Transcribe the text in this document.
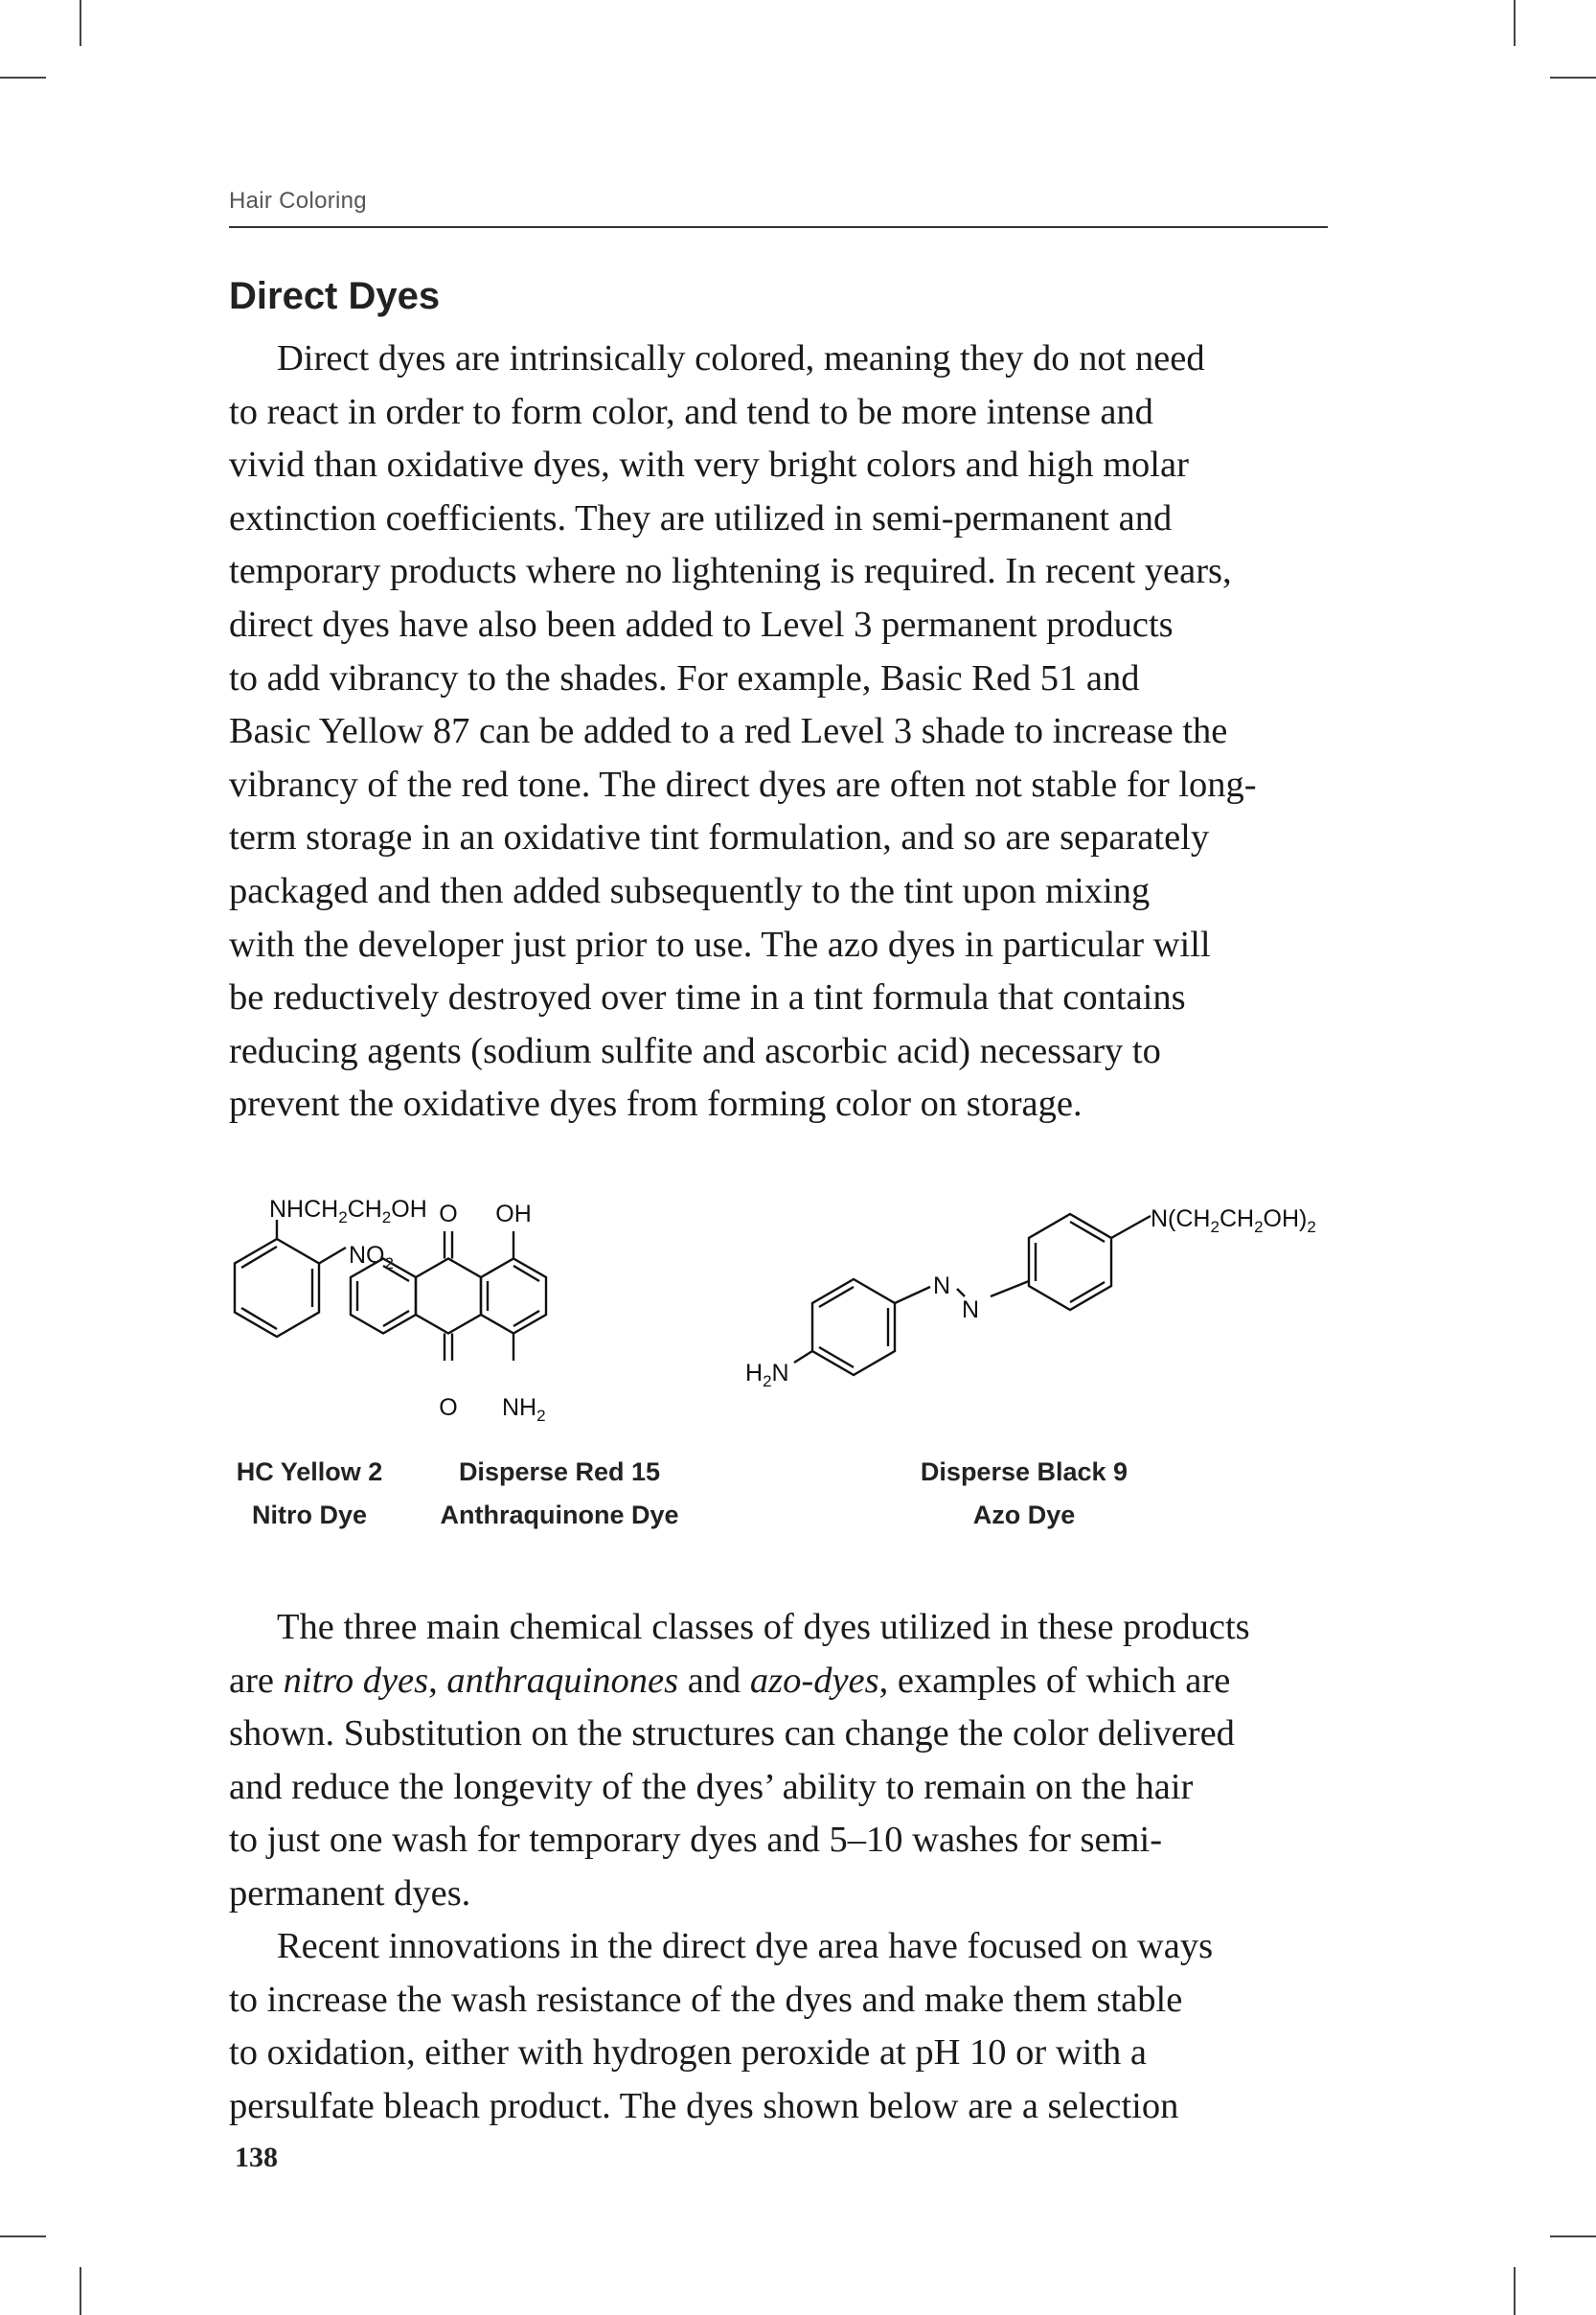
Hair Coloring
Direct Dyes
Direct dyes are intrinsically colored, meaning they do not need
to react in order to form color, and tend to be more intense and
vivid than oxidative dyes, with very bright colors and high molar
extinction coefficients. They are utilized in semi-permanent and
temporary products where no lightening is required. In recent years,
direct dyes have also been added to Level 3 permanent products
to add vibrancy to the shades. For example, Basic Red 51 and
Basic Yellow 87 can be added to a red Level 3 shade to increase the
vibrancy of the red tone. The direct dyes are often not stable for long-
term storage in an oxidative tint formulation, and so are separately
packaged and then added subsequently to the tint upon mixing
with the developer just prior to use. The azo dyes in particular will
be reductively destroyed over time in a tint formula that contains
reducing agents (sodium sulfite and ascorbic acid) necessary to
prevent the oxidative dyes from forming color on storage.
$NHCH_2CH_2OH$
$NO_2$
O OH
O $NH_2$
$H_2N$
N
N
$N(CH_2CH_2OH)_2$
HC Yellow 2
Nitro Dye
Disperse Red 15
Anthraquinone Dye
Disperse Black 9
Azo Dye
The three main chemical classes of dyes utilized in these products
are nitro dyes, anthraquinones and azo-dyes, examples of which are
shown. Substitution on the structures can change the color delivered
and reduce the longevity of the dyes’ ability to remain on the hair
to just one wash for temporary dyes and 5–10 washes for semi-
permanent dyes.
Recent innovations in the direct dye area have focused on ways
to increase the wash resistance of the dyes and make them stable
to oxidation, either with hydrogen peroxide at pH 10 or with a
persulfate bleach product. The dyes shown below are a selection
138
